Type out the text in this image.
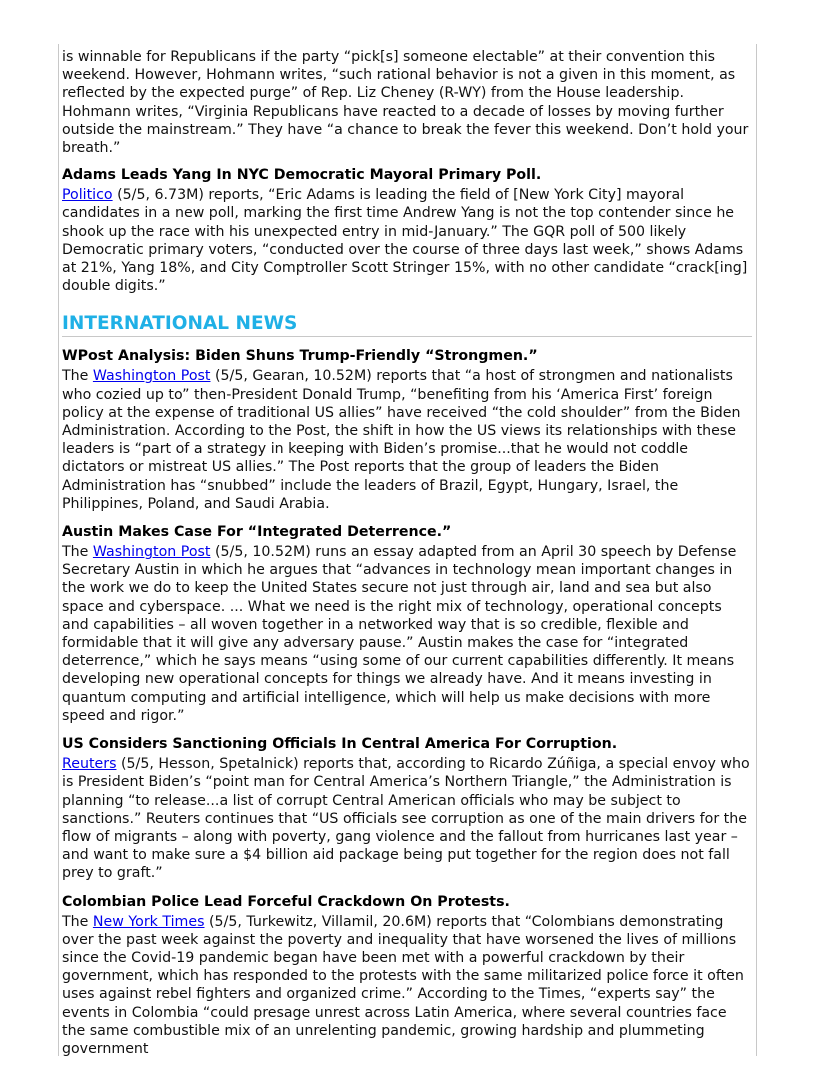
is winnable for Republicans if the party “pick[s] someone electable” at their convention this weekend. However, Hohmann writes, “such rational behavior is not a given in this moment, as reflected by the expected purge” of Rep. Liz Cheney (R-WY) from the House leadership. Hohmann writes, “Virginia Republicans have reacted to a decade of losses by moving further outside the mainstream.” They have “a chance to break the fever this weekend. Don’t hold your breath.”

Adams Leads Yang In NYC Democratic Mayoral Primary Poll.

Politico (5/5, 6.73M) reports, “Eric Adams is leading the field of [New York City] mayoral candidates in a new poll, marking the first time Andrew Yang is not the top contender since he shook up the race with his unexpected entry in mid-January.” The GQR poll of 500 likely Democratic primary voters, “conducted over the course of three days last week,” shows Adams at 21%, Yang 18%, and City Comptroller Scott Stringer 15%, with no other candidate “crack[ing] double digits.”

INTERNATIONAL NEWS
WPost Analysis: Biden Shuns Trump-Friendly “Strongmen.”

The Washington Post (5/5, Gearan, 10.52M) reports that “a host of strongmen and nationalists who cozied up to” then-President Donald Trump, “benefiting from his ‘America First’ foreign policy at the expense of traditional US allies” have received “the cold shoulder” from the Biden Administration. According to the Post, the shift in how the US views its relationships with these leaders is “part of a strategy in keeping with Biden’s promise...that he would not coddle dictators or mistreat US allies.” The Post reports that the group of leaders the Biden Administration has “snubbed” include the leaders of Brazil, Egypt, Hungary, Israel, the Philippines, Poland, and Saudi Arabia.

Austin Makes Case For “Integrated Deterrence.”

The Washington Post (5/5, 10.52M) runs an essay adapted from an April 30 speech by Defense Secretary Austin in which he argues that “advances in technology mean important changes in the work we do to keep the United States secure not just through air, land and sea but also space and cyberspace. ... What we need is the right mix of technology, operational concepts and capabilities – all woven together in a networked way that is so credible, flexible and formidable that it will give any adversary pause.” Austin makes the case for “integrated deterrence,” which he says means “using some of our current capabilities differently. It means developing new operational concepts for things we already have. And it means investing in quantum computing and artificial intelligence, which will help us make decisions with more speed and rigor.”

US Considers Sanctioning Officials In Central America For Corruption.

Reuters (5/5, Hesson, Spetalnick) reports that, according to Ricardo Zúñiga, a special envoy who is President Biden’s “point man for Central America’s Northern Triangle,” the Administration is planning “to release...a list of corrupt Central American officials who may be subject to sanctions.” Reuters continues that “US officials see corruption as one of the main drivers for the flow of migrants – along with poverty, gang violence and the fallout from hurricanes last year – and want to make sure a $4 billion aid package being put together for the region does not fall prey to graft.”

Colombian Police Lead Forceful Crackdown On Protests.

The New York Times (5/5, Turkewitz, Villamil, 20.6M) reports that “Colombians demonstrating over the past week against the poverty and inequality that have worsened the lives of millions since the Covid-19 pandemic began have been met with a powerful crackdown by their government, which has responded to the protests with the same militarized police force it often uses against rebel fighters and organized crime.” According to the Times, “experts say” the events in Colombia “could presage unrest across Latin America, where several countries face the same combustible mix of an unrelenting pandemic, growing hardship and plummeting government
